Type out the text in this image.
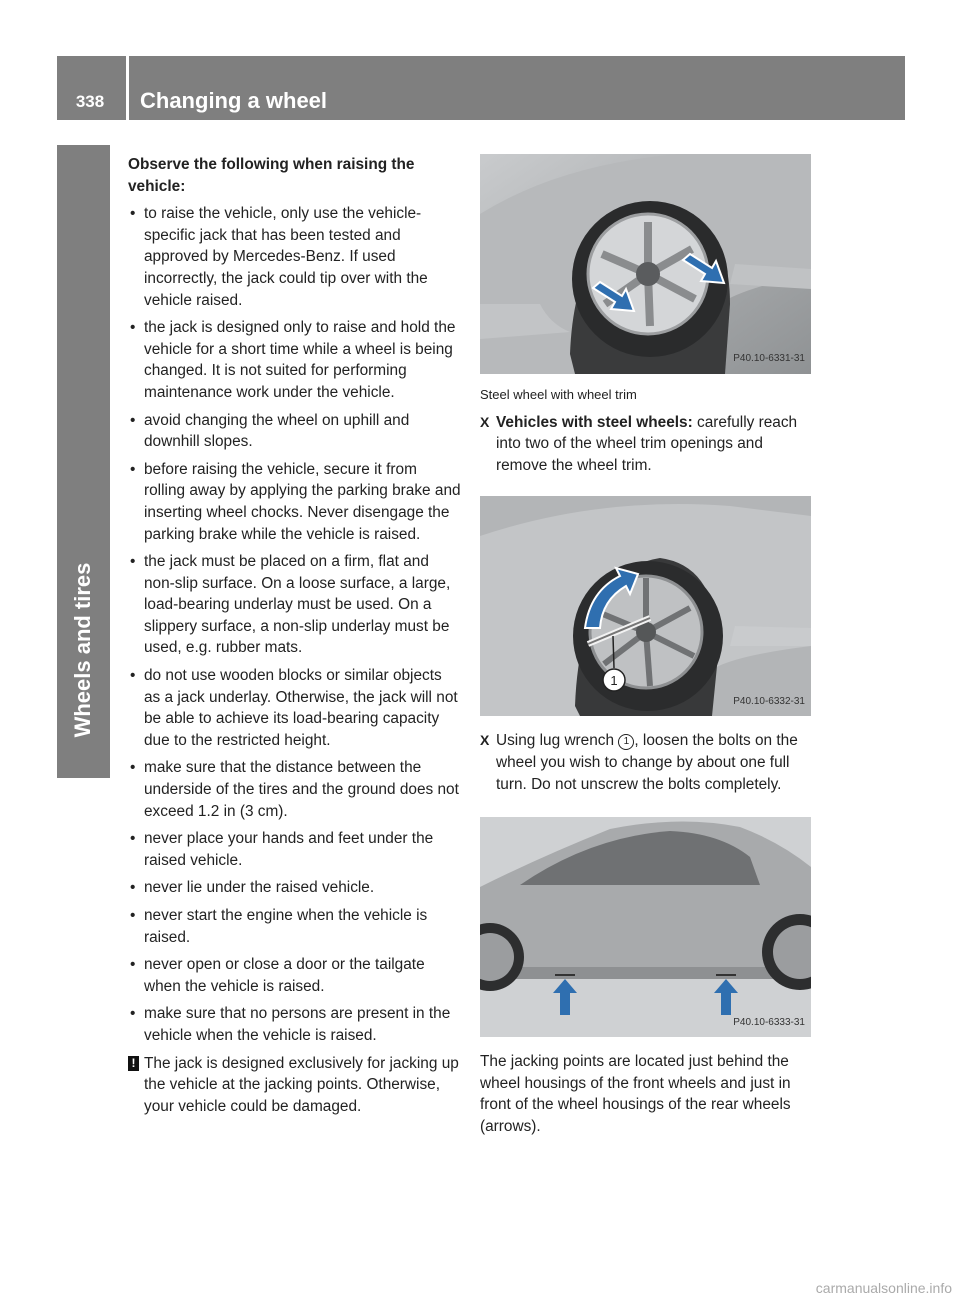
338	Changing a wheel
Wheels and tires

Observe the following when raising the vehicle:

• to raise the vehicle, only use the vehicle-specific jack that has been tested and approved by Mercedes-Benz. If used incorrectly, the jack could tip over with the vehicle raised.
• the jack is designed only to raise and hold the vehicle for a short time while a wheel is being changed. It is not suited for performing maintenance work under the vehicle.
• avoid changing the wheel on uphill and downhill slopes.
• before raising the vehicle, secure it from rolling away by applying the parking brake and inserting wheel chocks. Never disengage the parking brake while the vehicle is raised.
• the jack must be placed on a firm, flat and non-slip surface. On a loose surface, a large, load-bearing underlay must be used. On a slippery surface, a non-slip underlay must be used, e.g. rubber mats.
• do not use wooden blocks or similar objects as a jack underlay. Otherwise, the jack will not be able to achieve its load-bearing capacity due to the restricted height.
• make sure that the distance between the underside of the tires and the ground does not exceed 1.2 in (3 cm).
• never place your hands and feet under the raised vehicle.
• never lie under the raised vehicle.
• never start the engine when the vehicle is raised.
• never open or close a door or the tailgate when the vehicle is raised.
• make sure that no persons are present in the vehicle when the vehicle is raised.
! The jack is designed exclusively for jacking up the vehicle at the jacking points. Otherwise, your vehicle could be damaged.
P40.10-6331-31

Steel wheel with wheel trim

X Vehicles with steel wheels: carefully reach into two of the wheel trim openings and remove the wheel trim.

1
P40.10-6332-31

X Using lug wrench 1 , loosen the bolts on the wheel you wish to change by about one full turn. Do not unscrew the bolts completely.

P40.10-6333-31

The jacking points are located just behind the wheel housings of the front wheels and just in front of the wheel housings of the rear wheels (arrows).

carmanualsonline.info
